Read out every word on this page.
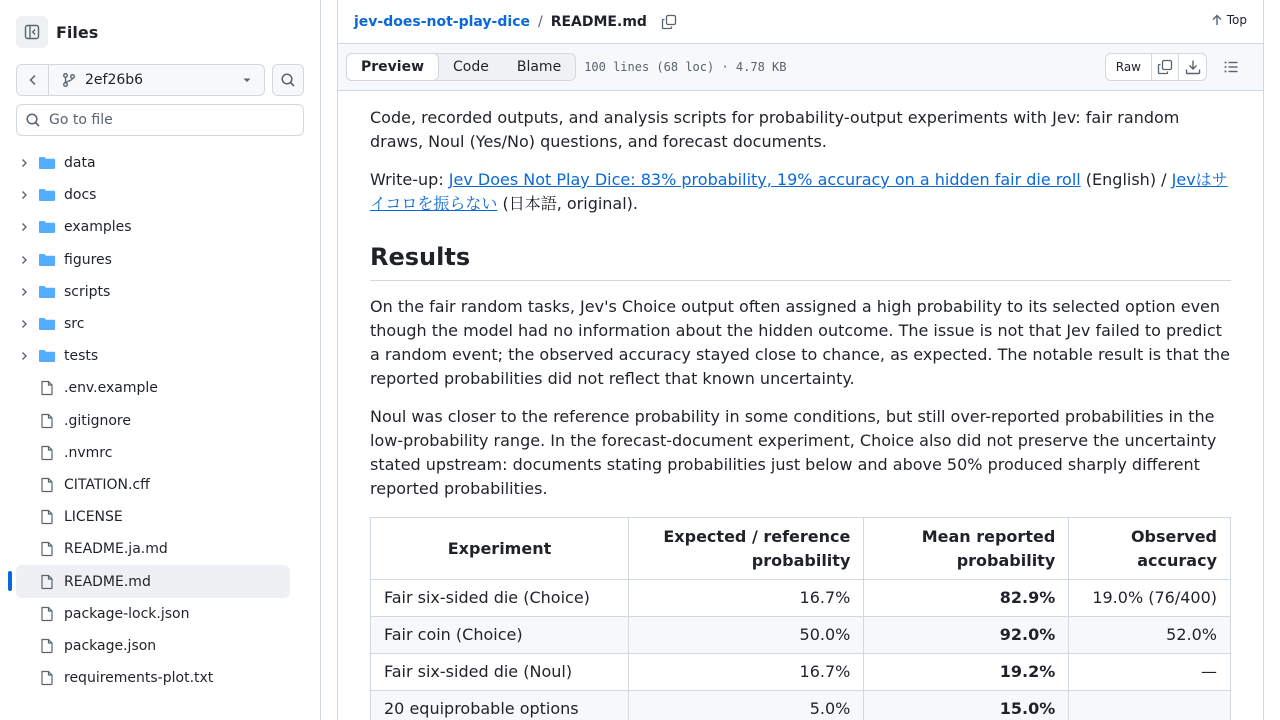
Files
2ef26b6
Go to file
data
docs
examples
figures
scripts
src
tests
.env.example
.gitignore
.nvmrc
CITATION.cff
LICENSE
README.ja.md
README.md
package-lock.json
package.json
requirements-plot.txt
jev-does-not-play-dice / README.md	Top
Preview	Code	Blame	100 lines (68 loc) · 4.78 KB	Raw

Code, recorded outputs, and analysis scripts for probability-output experiments with Jev: fair random draws, Noul (Yes/No) questions, and forecast documents.

Write-up: Jev Does Not Play Dice: 83% probability, 19% accuracy on a hidden fair die roll (English) / Jevはサイコロを振らない (日本語, original).

Results

On the fair random tasks, Jev's Choice output often assigned a high probability to its selected option even though the model had no information about the hidden outcome. The issue is not that Jev failed to predict a random event; the observed accuracy stayed close to chance, as expected. The notable result is that the reported probabilities did not reflect that known uncertainty.

Noul was closer to the reference probability in some conditions, but still over-reported probabilities in the low-probability range. In the forecast-document experiment, Choice also did not preserve the uncertainty stated upstream: documents stating probabilities just below and above 50% produced sharply different reported probabilities.

Experiment	Expected / reference probability	Mean reported probability	Observed accuracy
Fair six-sided die (Choice)	16.7%	82.9%	19.0% (76/400)
Fair coin (Choice)	50.0%	92.0%	52.0%
Fair six-sided die (Noul)	16.7%	19.2%	—
20 equiprobable options	5.0%	15.0%	
